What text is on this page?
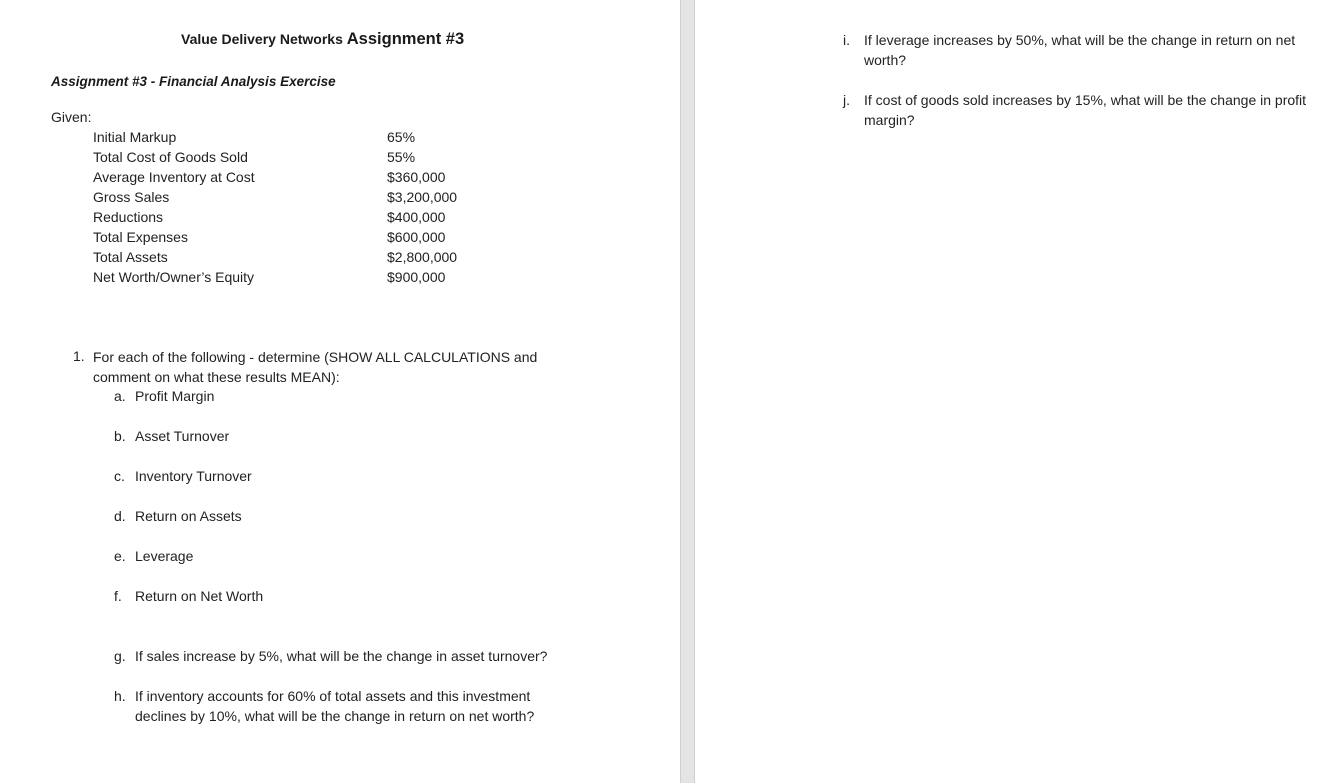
Value Delivery Networks Assignment #3
Assignment #3 - Financial Analysis Exercise
Given:
Initial Markup	65%
Total Cost of Goods Sold	55%
Average Inventory at Cost	$360,000
Gross Sales	$3,200,000
Reductions	$400,000
Total Expenses	$600,000
Total Assets	$2,800,000
Net Worth/Owner’s Equity	$900,000
1. For each of the following - determine (SHOW ALL CALCULATIONS and comment on what these results MEAN):
a. Profit Margin
b. Asset Turnover
c. Inventory Turnover
d. Return on Assets
e. Leverage
f. Return on Net Worth
g. If sales increase by 5%, what will be the change in asset turnover?
h. If inventory accounts for 60% of total assets and this investment declines by 10%, what will be the change in return on net worth?
i. If leverage increases by 50%, what will be the change in return on net worth?
j. If cost of goods sold increases by 15%, what will be the change in profit margin?
